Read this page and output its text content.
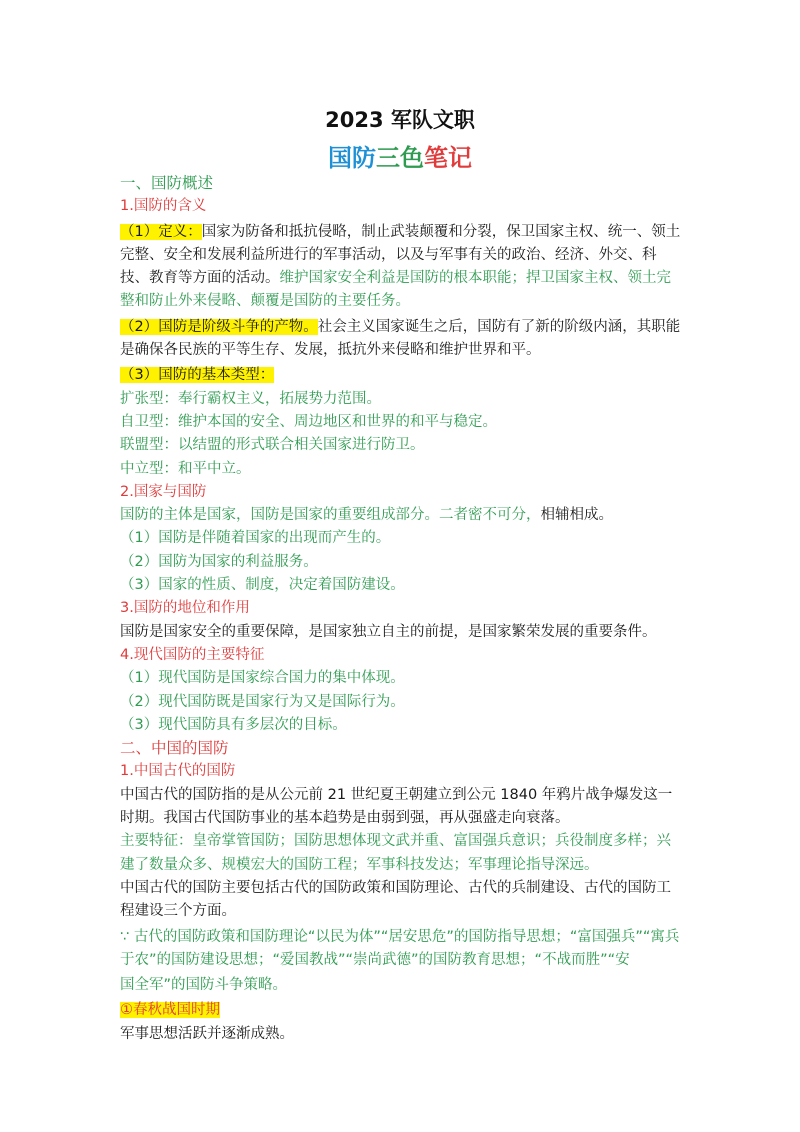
2023 军队文职
国防三色笔记

一、国防概述

1.国防的含义

（1）定义：国家为防备和抵抗侵略，制止武装颠覆和分裂，保卫国家主权、统一、领土完整、安全和发展利益所进行的军事活动，以及与军事有关的政治、经济、外交、科技、教育等方面的活动。维护国家安全利益是国防的根本职能；捍卫国家主权、领土完整和防止外来侵略、颠覆是国防的主要任务。

（2）国防是阶级斗争的产物。社会主义国家诞生之后，国防有了新的阶级内涵，其职能是确保各民族的平等生存、发展，抵抗外来侵略和维护世界和平。

（3）国防的基本类型：

扩张型：奉行霸权主义，拓展势力范围。

自卫型：维护本国的安全、周边地区和世界的和平与稳定。

联盟型：以结盟的形式联合相关国家进行防卫。

中立型：和平中立。

2.国家与国防

国防的主体是国家，国防是国家的重要组成部分。二者密不可分，相辅相成。

（1）国防是伴随着国家的出现而产生的。

（2）国防为国家的利益服务。

（3）国家的性质、制度，决定着国防建设。

3.国防的地位和作用

国防是国家安全的重要保障，是国家独立自主的前提，是国家繁荣发展的重要条件。

4.现代国防的主要特征

（1）现代国防是国家综合国力的集中体现。

（2）现代国防既是国家行为又是国际行为。

（3）现代国防具有多层次的目标。

二、中国的国防

1.中国古代的国防

中国古代的国防指的是从公元前 21 世纪夏王朝建立到公元 1840 年鸦片战争爆发这一时期。我国古代国防事业的基本趋势是由弱到强，再从强盛走向衰落。

主要特征：皇帝掌管国防；国防思想体现文武并重、富国强兵意识；兵役制度多样；兴建了数量众多、规模宏大的国防工程；军事科技发达；军事理论指导深远。

中国古代的国防主要包括古代的国防政策和国防理论、古代的兵制建设、古代的国防工程建设三个方面。

∵ 古代的国防政策和国防理论“以民为体”“居安思危”的国防指导思想；“富国强兵”“寓兵于农”的国防建设思想；“爱国教战”“崇尚武德”的国防教育思想；“不战而胜”“安

国全军”的国防斗争策略。

①春秋战国时期

军事思想活跃并逐渐成熟。
